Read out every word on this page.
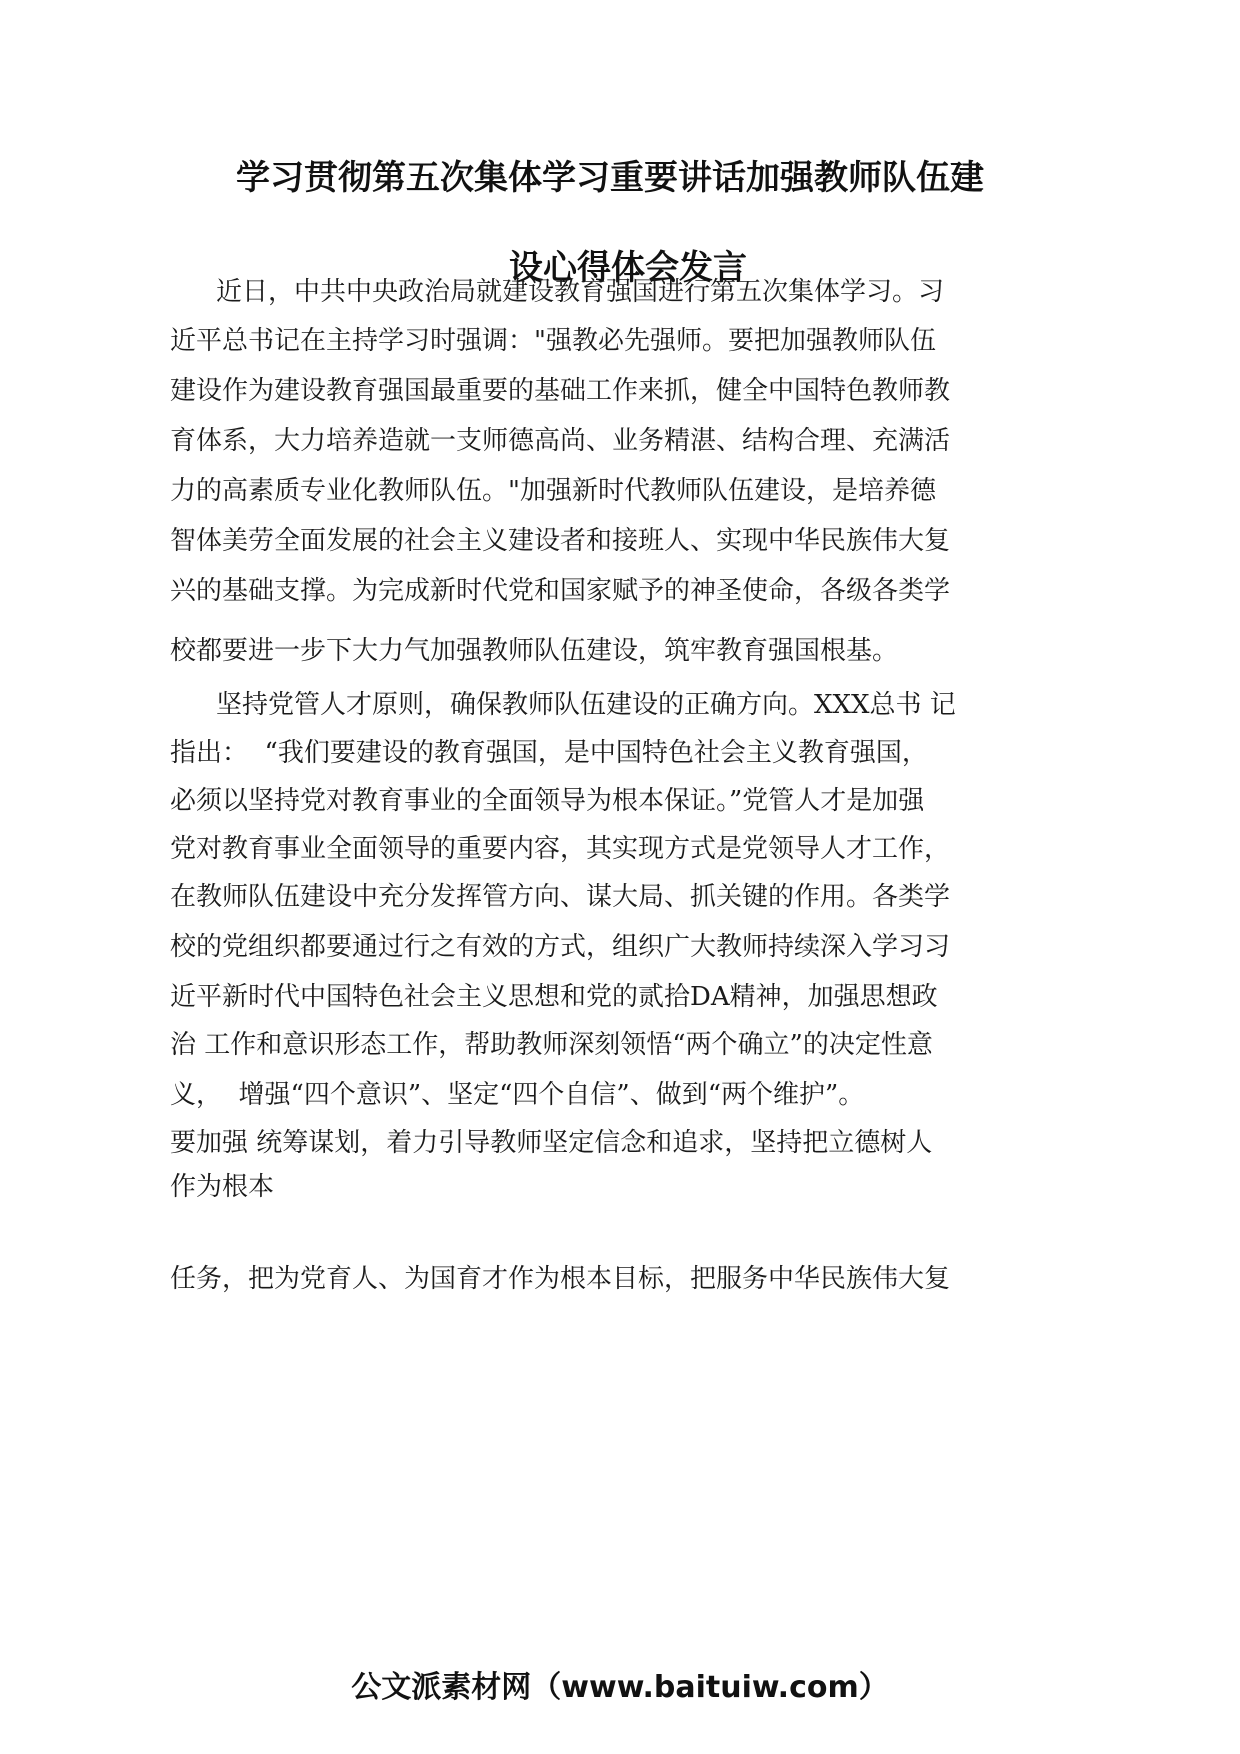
学习贯彻第五次集体学习重要讲话加强教师队伍建
设心得体会发言
近日，中共中央政治局就建设教育强国进行第五次集体学习。习
近平总书记在主持学习时强调："强教必先强师。要把加强教师队伍
建设作为建设教育强国最重要的基础工作来抓，健全中国特色教师教
育体系，大力培养造就一支师德高尚、业务精湛、结构合理、充满活
力的高素质专业化教师队伍。"加强新时代教师队伍建设，是培养德
智体美劳全面发展的社会主义建设者和接班人、实现中华民族伟大复
兴的基础支撑。为完成新时代党和国家赋予的神圣使命，各级各类学
校都要进一步下大力气加强教师队伍建设，筑牢教育强国根基。
坚持党管人才原则，确保教师队伍建设的正确方向。XXX总书 记
指出：  “我们要建设的教育强国，是中国特色社会主义教育强国，
必须以坚持党对教育事业的全面领导为根本保证。”党管人才是加强
党对教育事业全面领导的重要内容，其实现方式是党领导人才工作，
在教师队伍建设中充分发挥管方向、谋大局、抓关键的作用。各类学
校的党组织都要通过行之有效的方式，组织广大教师持续深入学习习
近平新时代中国特色社会主义思想和党的贰拾DA精神，加强思想政
治 工作和意识形态工作，帮助教师深刻领悟“两个确立”的决定性意
义，  增强“四个意识”、坚定“四个自信”、做到“两个维护”。
要加强 统筹谋划，着力引导教师坚定信念和追求，坚持把立德树人
作为根本
任务，把为党育人、为国育才作为根本目标，把服务中华民族伟大复
公文派素材网（www.baituiw.com）
